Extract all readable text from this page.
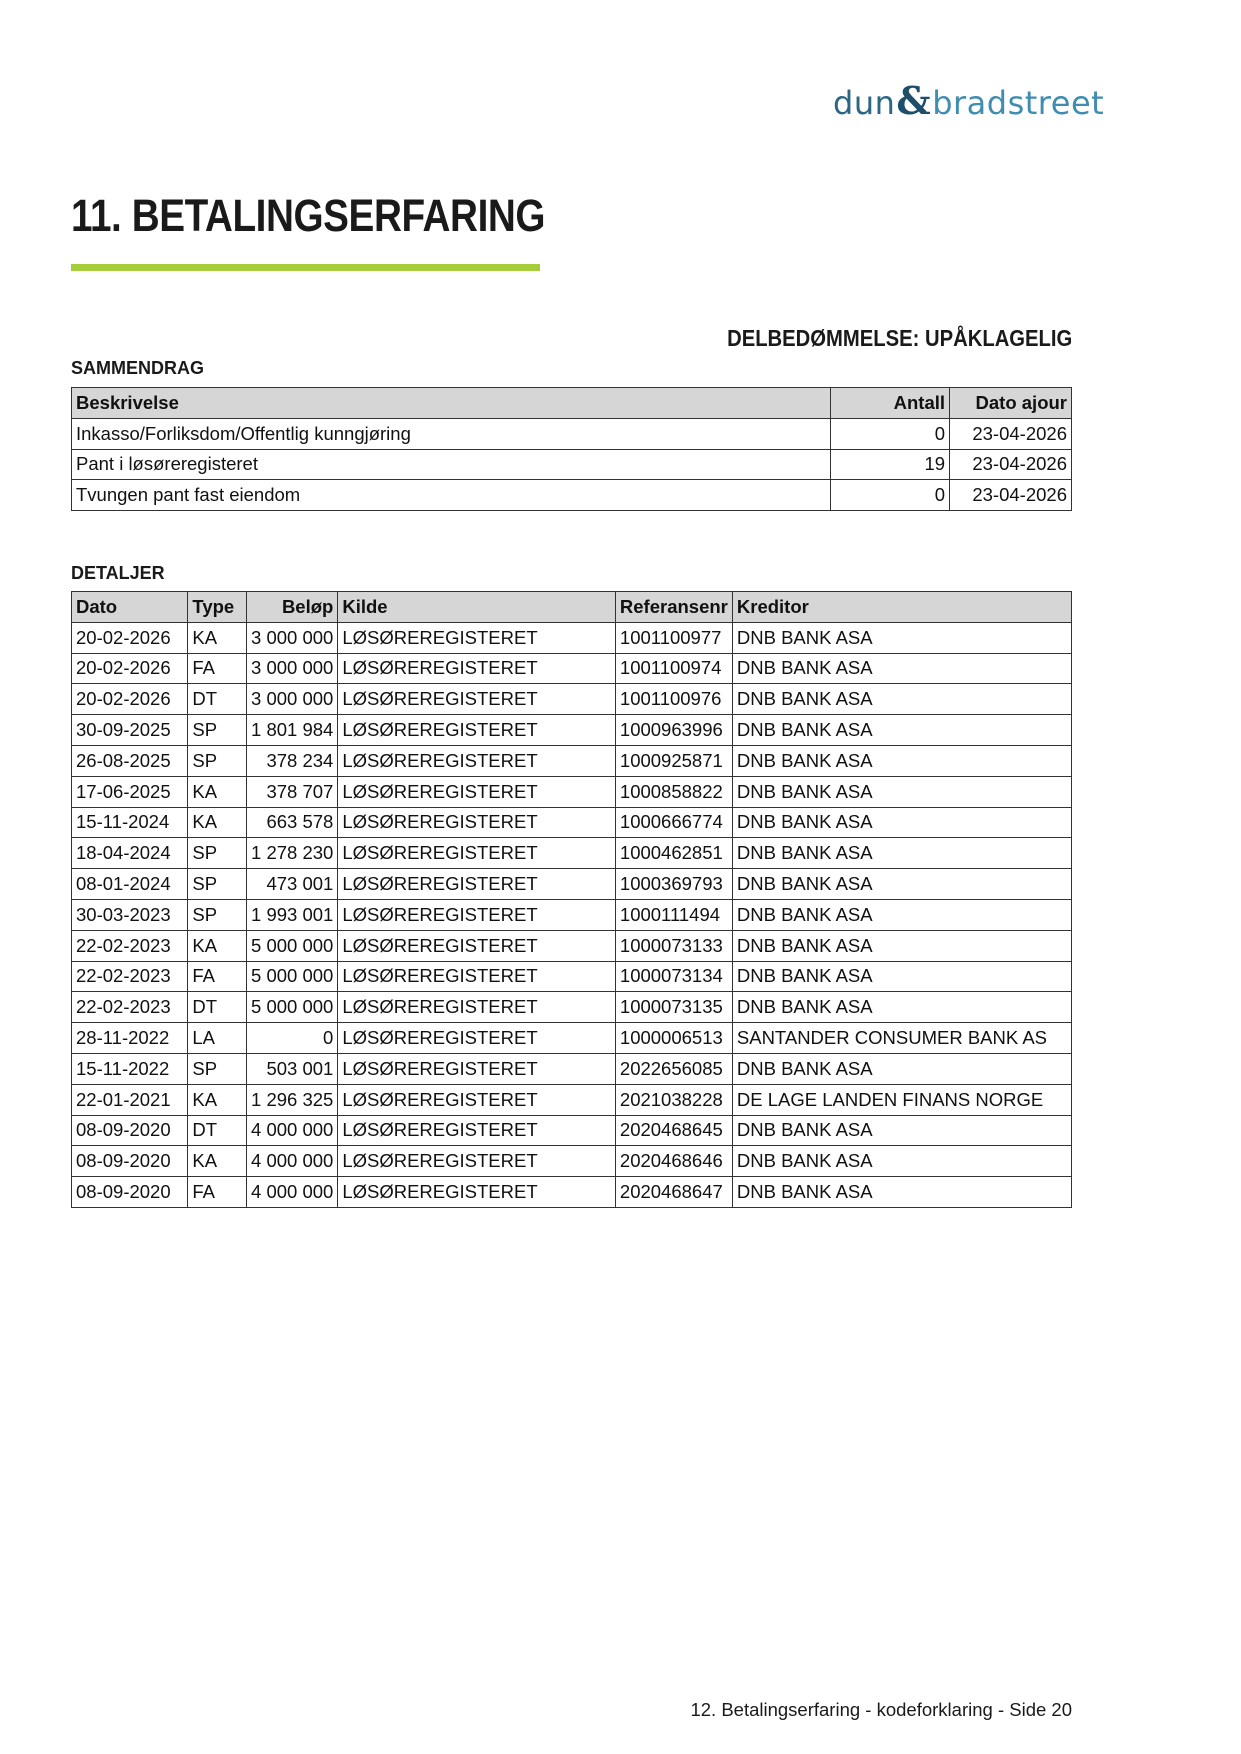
dun & bradstreet
11. BETALINGSERFARING
DELBEDØMMELSE: UPÅKLAGELIG
SAMMENDRAG
Beskrivelse	Antall	Dato ajour
Inkasso/Forliksdom/Offentlig kunngjøring	0	23-04-2026
Pant i løsøreregisteret	19	23-04-2026
Tvungen pant fast eiendom	0	23-04-2026
DETALJER
Dato	Type	Beløp	Kilde	Referansenr	Kreditor
20-02-2026	KA	3 000 000	LØSØREREGISTERET	1001100977	DNB BANK ASA
20-02-2026	FA	3 000 000	LØSØREREGISTERET	1001100974	DNB BANK ASA
20-02-2026	DT	3 000 000	LØSØREREGISTERET	1001100976	DNB BANK ASA
30-09-2025	SP	1 801 984	LØSØREREGISTERET	1000963996	DNB BANK ASA
26-08-2025	SP	378 234	LØSØREREGISTERET	1000925871	DNB BANK ASA
17-06-2025	KA	378 707	LØSØREREGISTERET	1000858822	DNB BANK ASA
15-11-2024	KA	663 578	LØSØREREGISTERET	1000666774	DNB BANK ASA
18-04-2024	SP	1 278 230	LØSØREREGISTERET	1000462851	DNB BANK ASA
08-01-2024	SP	473 001	LØSØREREGISTERET	1000369793	DNB BANK ASA
30-03-2023	SP	1 993 001	LØSØREREGISTERET	1000111494	DNB BANK ASA
22-02-2023	KA	5 000 000	LØSØREREGISTERET	1000073133	DNB BANK ASA
22-02-2023	FA	5 000 000	LØSØREREGISTERET	1000073134	DNB BANK ASA
22-02-2023	DT	5 000 000	LØSØREREGISTERET	1000073135	DNB BANK ASA
28-11-2022	LA	0	LØSØREREGISTERET	1000006513	SANTANDER CONSUMER BANK AS
15-11-2022	SP	503 001	LØSØREREGISTERET	2022656085	DNB BANK ASA
22-01-2021	KA	1 296 325	LØSØREREGISTERET	2021038228	DE LAGE LANDEN FINANS NORGE
08-09-2020	DT	4 000 000	LØSØREREGISTERET	2020468645	DNB BANK ASA
08-09-2020	KA	4 000 000	LØSØREREGISTERET	2020468646	DNB BANK ASA
08-09-2020	FA	4 000 000	LØSØREREGISTERET	2020468647	DNB BANK ASA

12. Betalingserfaring - kodeforklaring - Side 20
